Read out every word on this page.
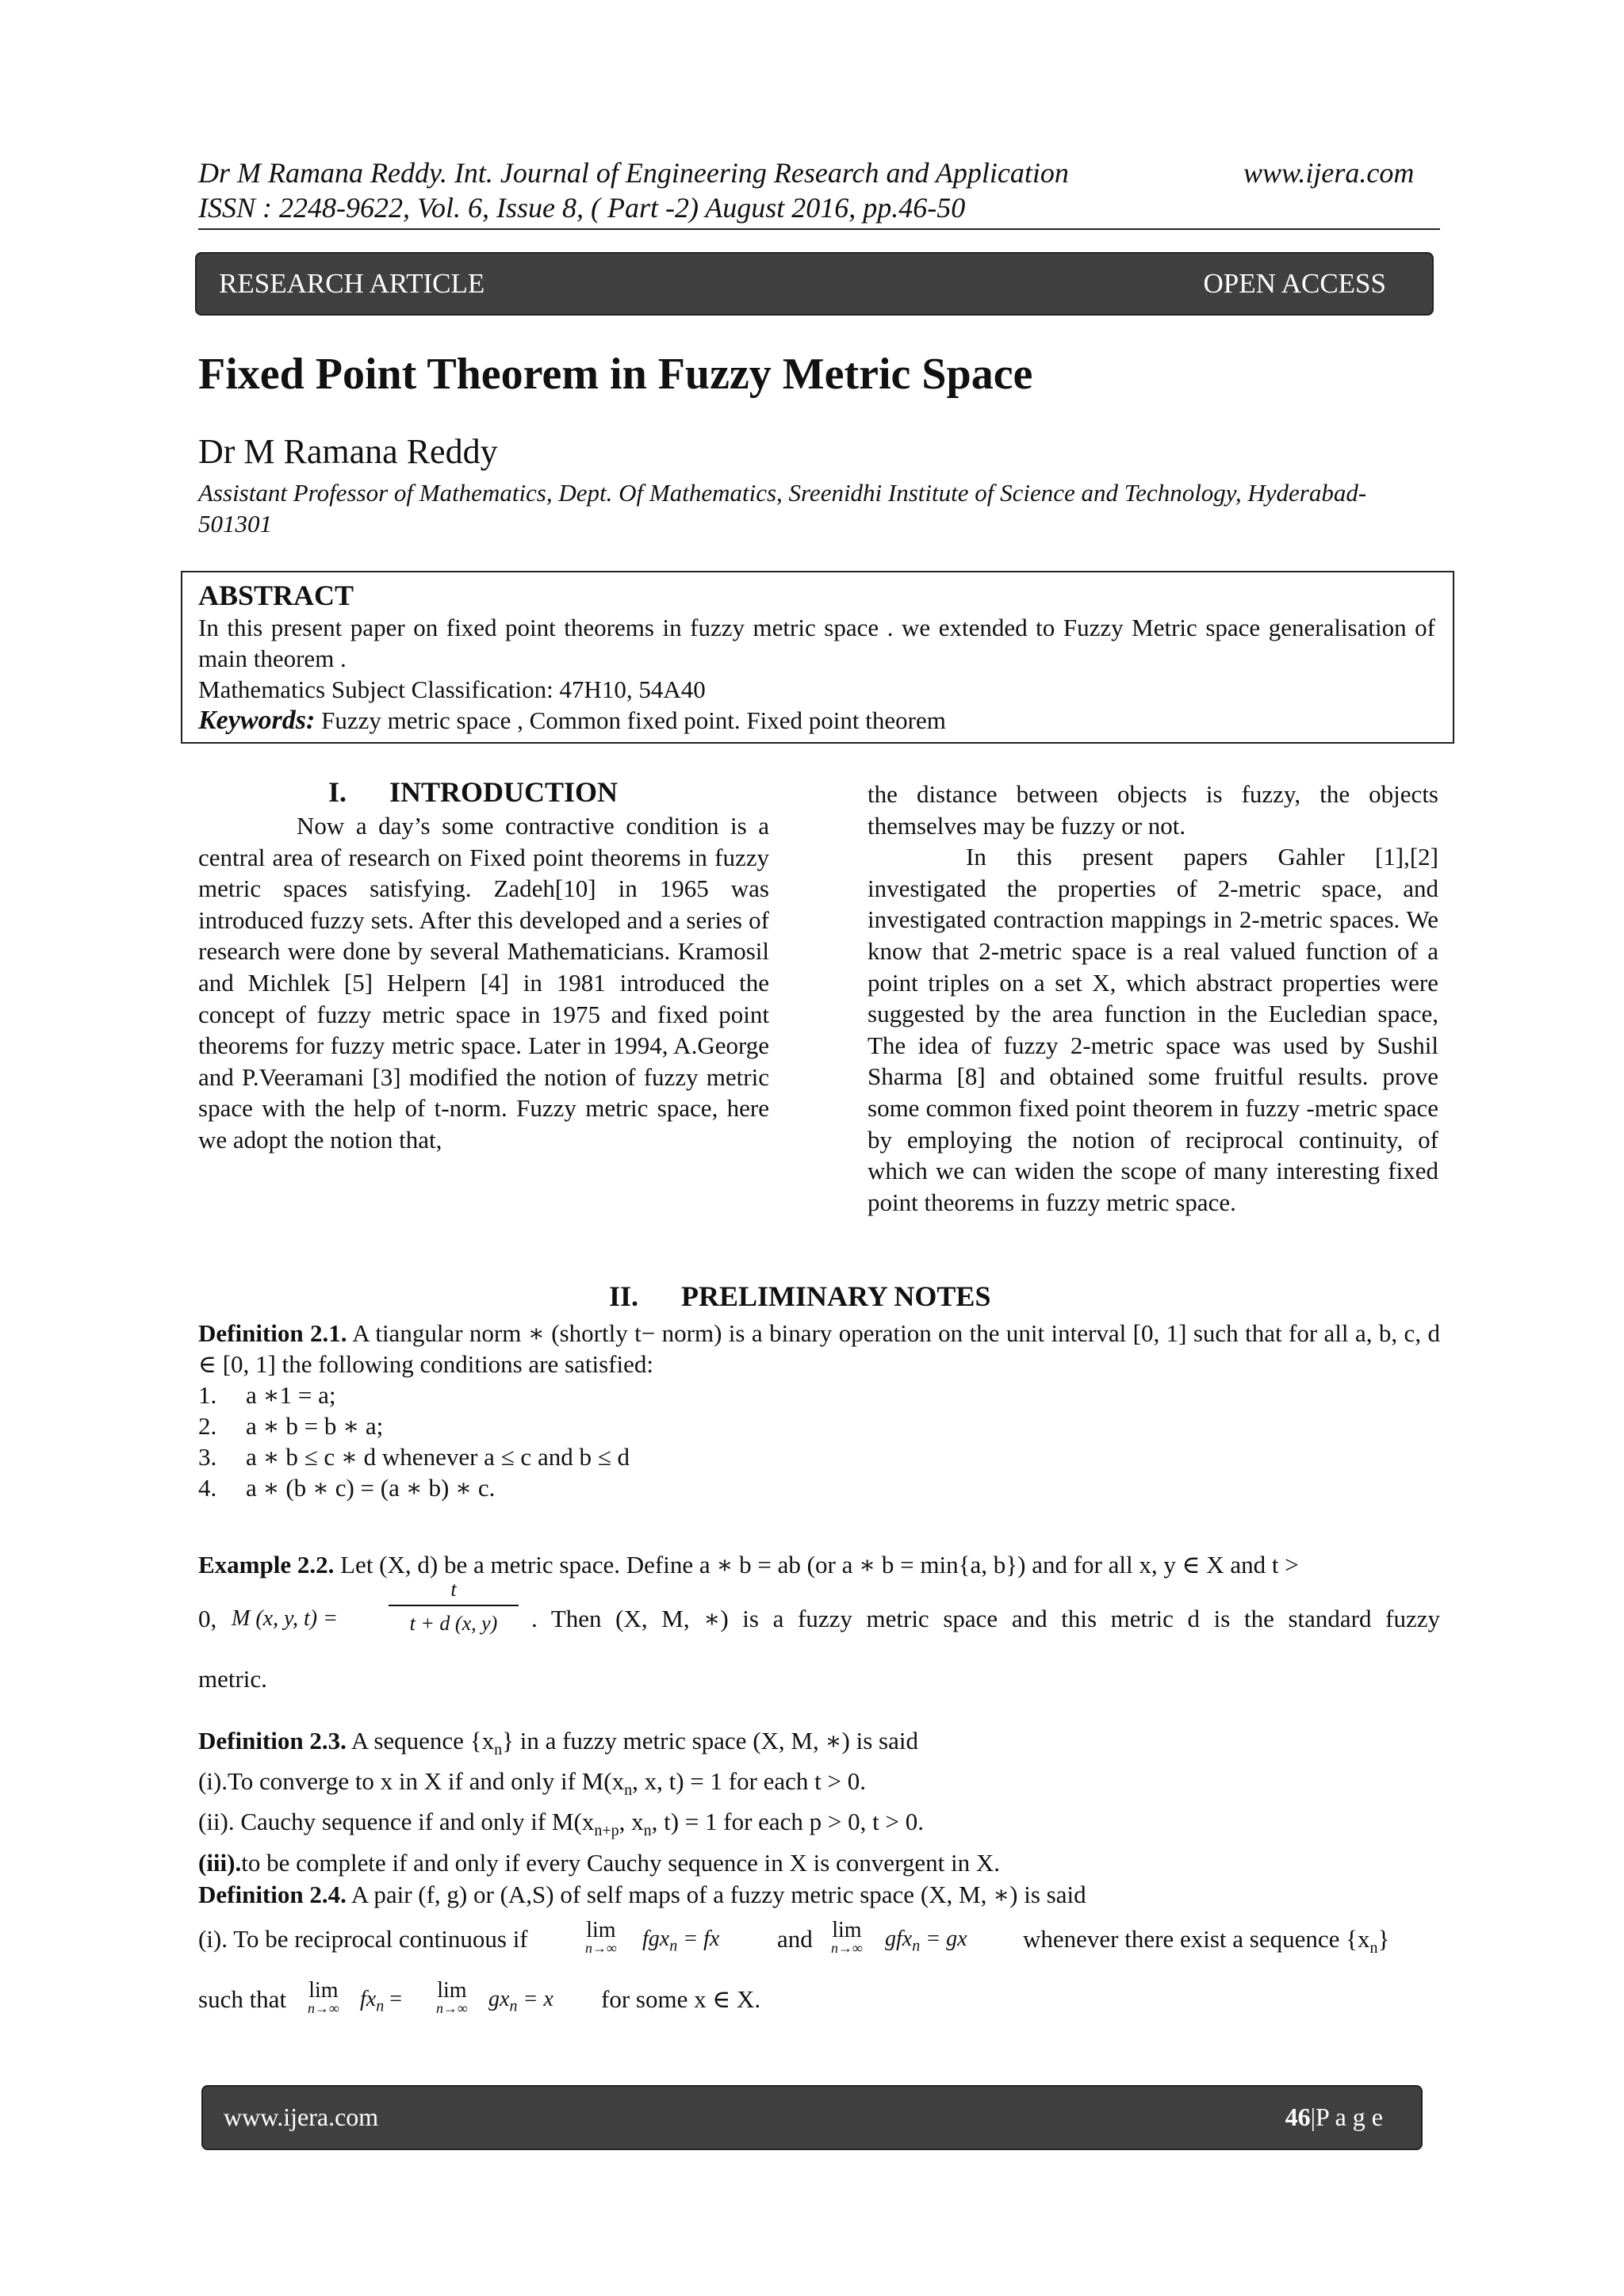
Dr M Ramana Reddy. Int. Journal of Engineering Research and Application	www.ijera.com
ISSN : 2248-9622, Vol. 6, Issue 8, ( Part -2) August 2016, pp.46-50
RESEARCH ARTICLE	OPEN ACCESS
Fixed Point Theorem in Fuzzy Metric Space
Dr M Ramana Reddy
Assistant Professor of Mathematics, Dept. Of Mathematics, Sreenidhi Institute of Science and Technology, Hyderabad-501301
ABSTRACT
In this present paper on fixed point theorems in fuzzy metric space . we extended to Fuzzy Metric space generalisation of main theorem .
Mathematics Subject Classification: 47H10, 54A40
Keywords: Fuzzy metric space , Common fixed point. Fixed point theorem
I.      INTRODUCTION
Now a day’s some contractive condition is a central area of research on Fixed point theorems in fuzzy metric spaces satisfying. Zadeh[10] in 1965 was introduced fuzzy sets. After this developed and a series of research were done by several Mathematicians. Kramosil and Michlek [5] Helpern [4] in 1981 introduced the concept of fuzzy metric space in 1975 and fixed point theorems for fuzzy metric space. Later in 1994, A.George and P.Veeramani [3] modified the notion of fuzzy metric space with the help of t-norm. Fuzzy metric space, here we adopt the notion that,
the distance between objects is fuzzy, the objects themselves may be fuzzy or not.
In this present papers Gahler [1],[2] investigated the properties of 2-metric space, and investigated contraction mappings in 2-metric spaces. We know that 2-metric space is a real valued function of a point triples on a set X, which abstract properties were suggested by the area function in the Eucledian space, The idea of fuzzy 2-metric space was used by Sushil Sharma [8] and obtained some fruitful results. prove some common fixed point theorem in fuzzy -metric space by employing the notion of reciprocal continuity, of which we can widen the scope of many interesting fixed point theorems in fuzzy metric space.
II.      PRELIMINARY NOTES
Definition 2.1. A tiangular norm ∗ (shortly t− norm) is a binary operation on the unit interval [0, 1] such that for all a, b, c, d ∈ [0, 1] the following conditions are satisfied:
1.	a ∗1 = a;
2.	a ∗ b = b ∗ a;
3.	a ∗ b ≤ c ∗ d whenever a ≤ c and b ≤ d
4.	a ∗ (b ∗ c) = (a ∗ b) ∗ c.
Example 2.2. Let (X, d) be a metric space. Define a ∗ b = ab (or a ∗ b = min{a, b}) and for all x, y ∈ X and t >
0, M (x, y, t) =
t
t + d (x, y)	. Then (X, M, ∗) is a fuzzy metric space and this metric d is the standard fuzzy
metric.
Definition 2.3. A sequence $\{x_n\}$ in a fuzzy metric space (X, M, ∗) is said
(i).To converge to x in X if and only if $M(x_n$, x, t) = 1 for each t > 0.
(ii). Cauchy sequence if and only if $M(x_{n+p}$, $x_n$, t) = 1 for each p > 0, t > 0.
(iii).to be complete if and only if every Cauchy sequence in X is convergent in X.
Definition 2.4. A pair (f, g) or (A,S) of self maps of a fuzzy metric space (X, M, ∗) is said
(i). To be reciprocal continuous if	lim
n→∞ fgx$_n$ = fx and lim
n→∞ gfx$_n$ = gx whenever there exist a sequence $\{x_n\}$
such that lim
n→∞ $fx_n = \lim$
n→∞ $gx_n = x$ for some x ∈ X.
www.ijera.com	46|P a g e
